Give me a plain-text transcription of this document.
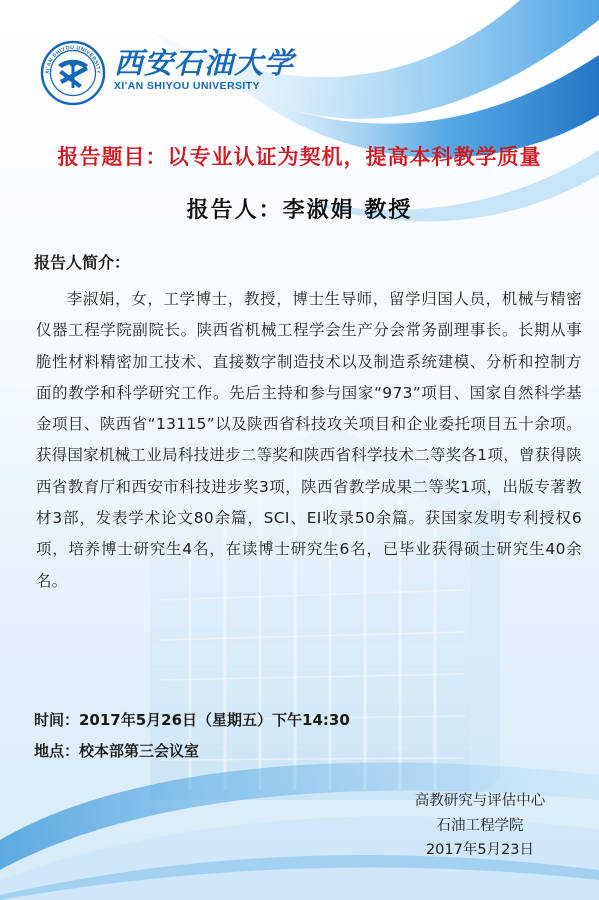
XI'AN SHIYOU UNIVERSITY 西安石油大学
XI'AN SHIYOU UNIVERSITY
报告题目：以专业认证为契机，提高本科教学质量
报告人：李淑娟 教授
报告人简介：
李淑娟，女，工学博士，教授，博士生导师，留学归国人员，机械与精密仪器工程学院副院长。陕西省机械工程学会生产分会常务副理事长。长期从事脆性材料精密加工技术、直接数字制造技术以及制造系统建模、分析和控制方面的教学和科学研究工作。先后主持和参与国家“973”项目、国家自然科学基金项目、陕西省“13115”以及陕西省科技攻关项目和企业委托项目五十余项。获得国家机械工业局科技进步二等奖和陕西省科学技术二等奖各1项，曾获得陕西省教育厅和西安市科技进步奖3项，陕西省教学成果二等奖1项，出版专著教材3部，发表学术论文80余篇，SCI、EI收录50余篇。获国家发明专利授权6项，培养博士研究生4名，在读博士研究生6名，已毕业获得硕士研究生40余名。
时间：2017年5月26日（星期五）下午14:30
地点：校本部第三会议室
高教研究与评估中心
石油工程学院
2017年5月23日
